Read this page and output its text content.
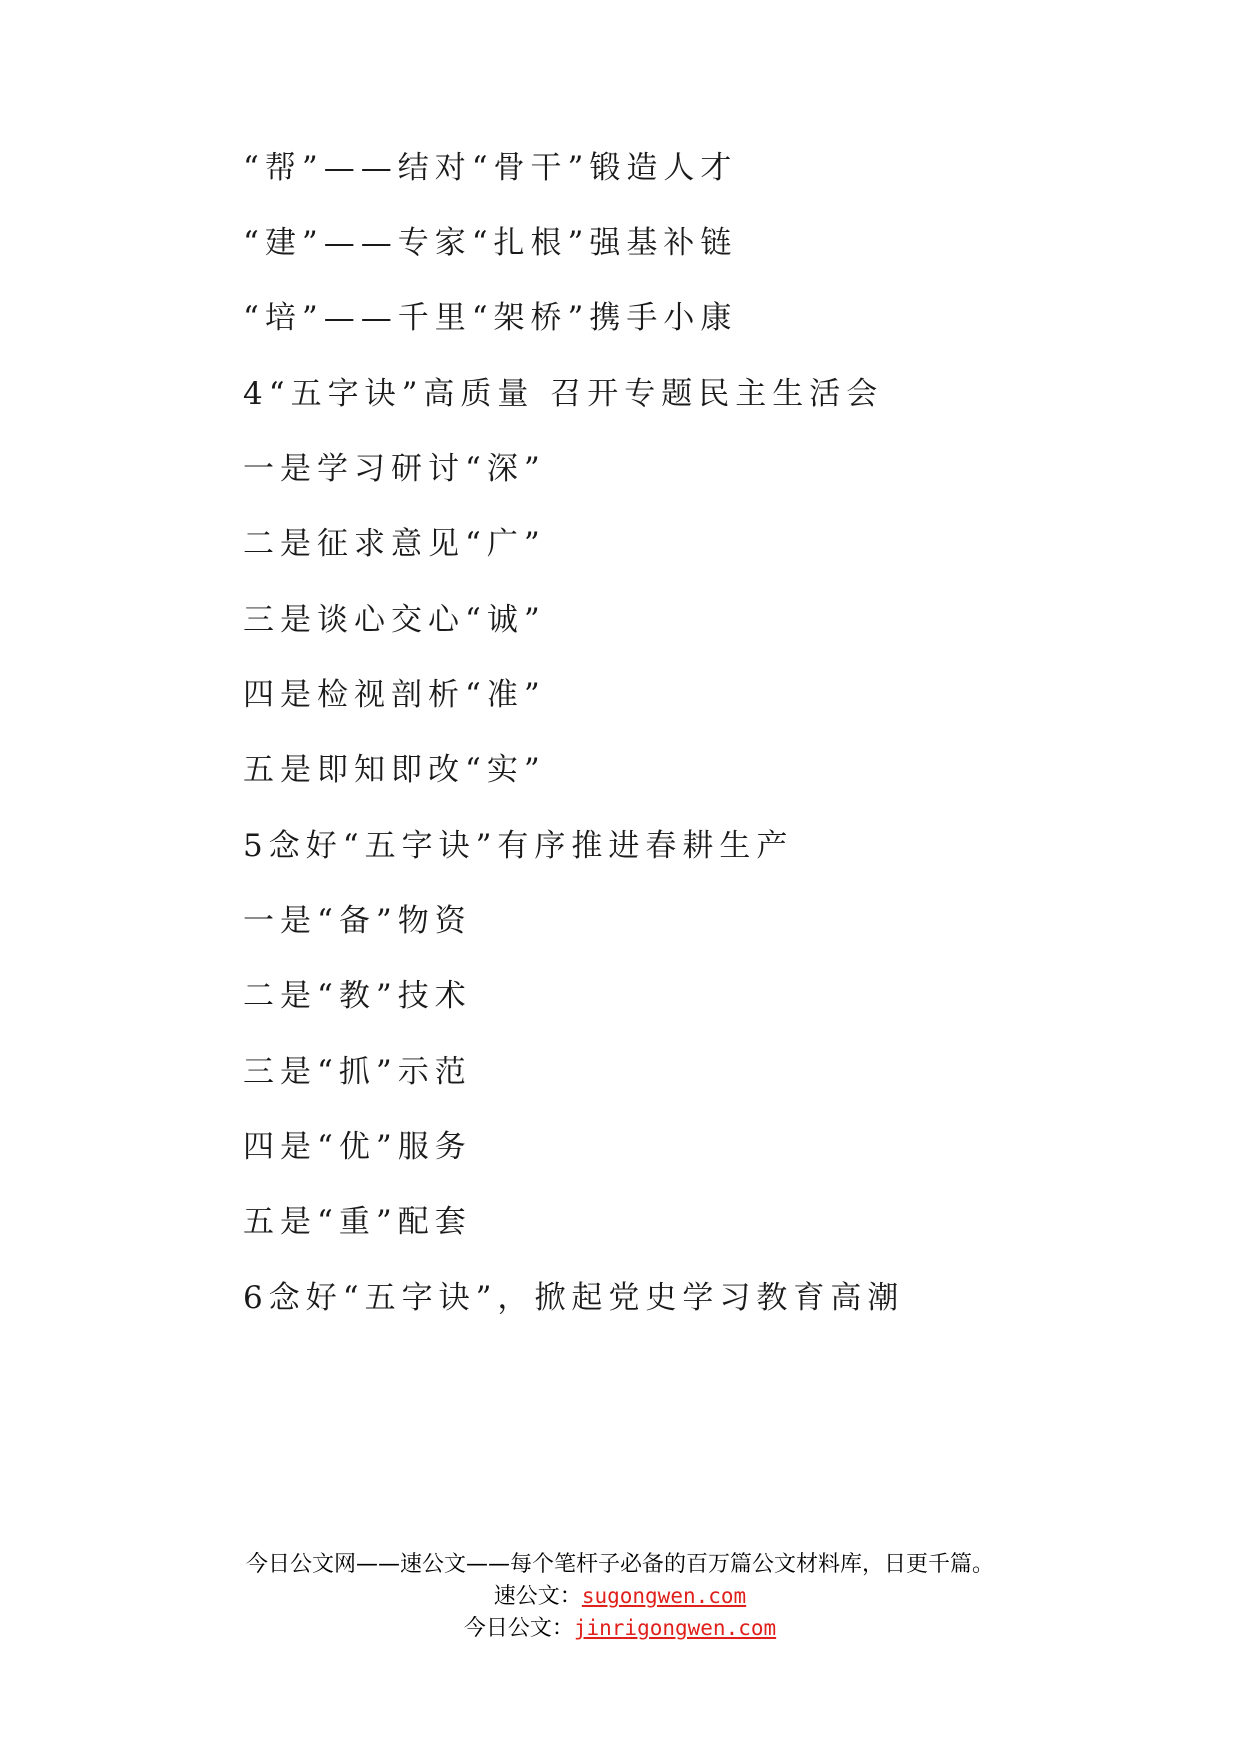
“帮”——结对“骨干”锻造人才
“建”——专家“扎根”强基补链
“培”——千里“架桥”携手小康
4“五字诀”高质量 召开专题民主生活会
一是学习研讨“深”
二是征求意见“广”
三是谈心交心“诚”
四是检视剖析“准”
五是即知即改“实”
5念好“五字诀”有序推进春耕生产
一是“备”物资
二是“教”技术
三是“抓”示范
四是“优”服务
五是“重”配套
6念好“五字诀”，掀起党史学习教育高潮
今日公文网——速公文——每个笔杆子必备的百万篇公文材料库，日更千篇。
速公文：sugongwen.com
今日公文：jinrigongwen.com
